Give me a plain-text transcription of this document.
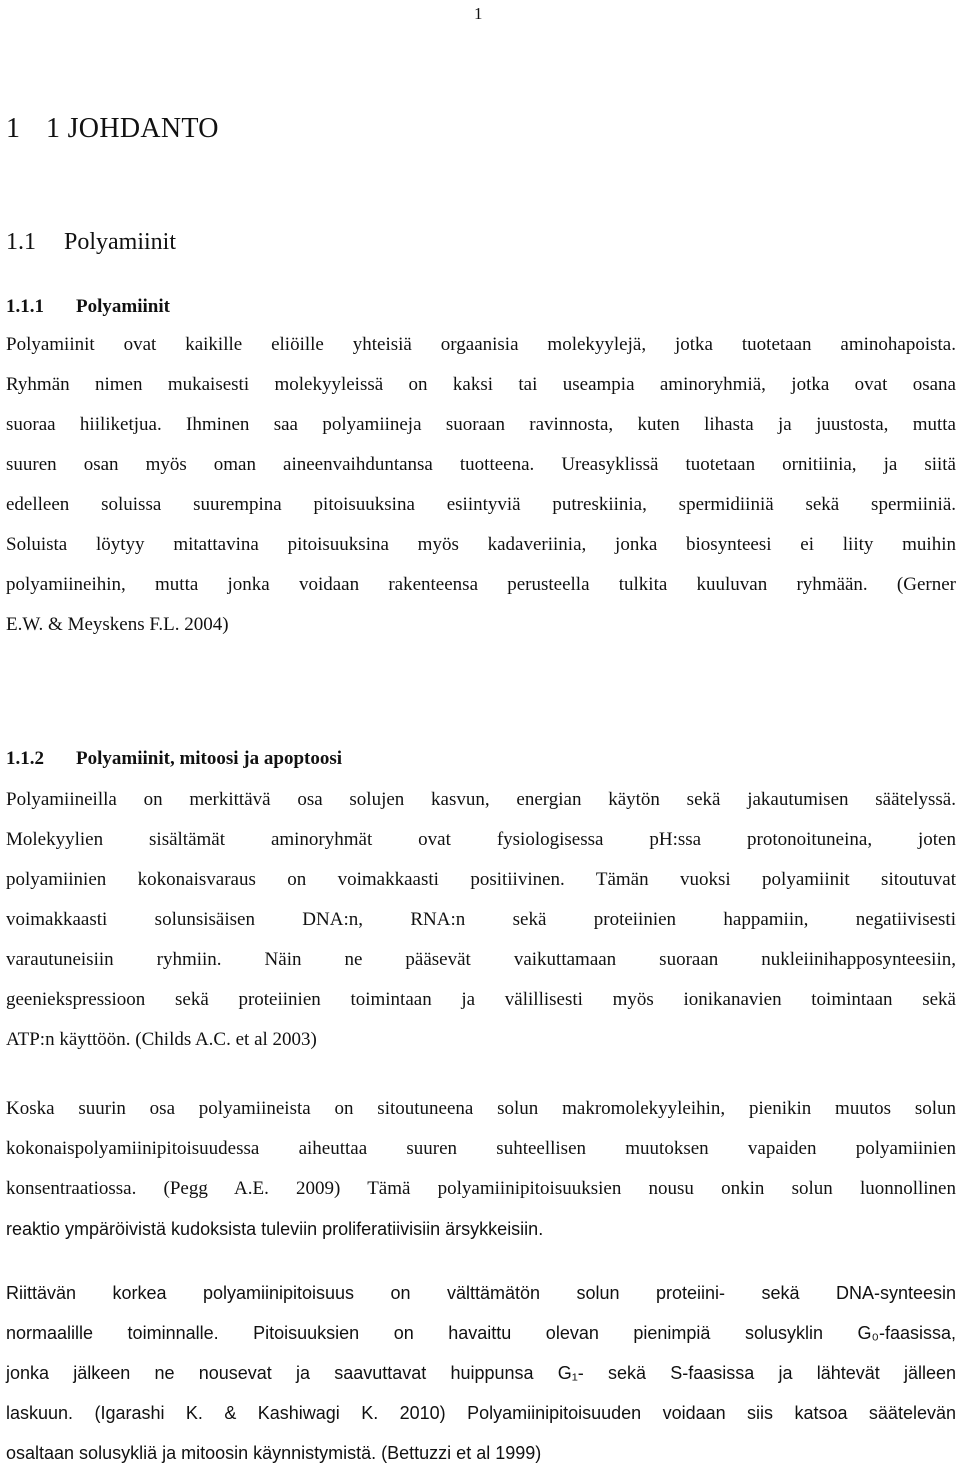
1
1 1 JOHDANTO
1.1 Polyamiinit
1.1.1 Polyamiinit
Polyamiinit ovat kaikille eliöille yhteisiä orgaanisia molekyylejä, jotka tuotetaan aminohapoista.
Ryhmän nimen mukaisesti molekyyleissä on kaksi tai useampia aminoryhmiä, jotka ovat osana
suoraa hiiliketjua. Ihminen saa polyamiineja suoraan ravinnosta, kuten lihasta ja juustosta, mutta
suuren osan myös oman aineenvaihduntansa tuotteena. Ureasyklissä tuotetaan ornitiinia, ja siitä
edelleen soluissa suurempina pitoisuuksina esiintyviä putreskiinia, spermidiiniä sekä spermiiniä.
Soluista löytyy mitattavina pitoisuuksina myös kadaveriinia, jonka biosynteesi ei liity muihin
polyamiineihin, mutta jonka voidaan rakenteensa perusteella tulkita kuuluvan ryhmään. (Gerner
E.W. & Meyskens F.L. 2004)
1.1.2 Polyamiinit, mitoosi ja apoptoosi
Polyamiineilla on merkittävä osa solujen kasvun, energian käytön sekä jakautumisen säätelyssä.
Molekyylien sisältämät aminoryhmät ovat fysiologisessa pH:ssa protonoituneina, joten
polyamiinien kokonaisvaraus on voimakkaasti positiivinen. Tämän vuoksi polyamiinit sitoutuvat
voimakkaasti solunsisäisen DNA:n, RNA:n sekä proteiinien happamiin, negatiivisesti
varautuneisiin ryhmiin. Näin ne pääsevät vaikuttamaan suoraan nukleiinihapposynteesiin,
geeniekspressioon sekä proteiinien toimintaan ja välillisesti myös ionikanavien toimintaan sekä
ATP:n käyttöön. (Childs A.C. et al 2003)
Koska suurin osa polyamiineista on sitoutuneena solun makromolekyyleihin, pienikin muutos solun
kokonaispolyamiinipitoisuudessa aiheuttaa suuren suhteellisen muutoksen vapaiden polyamiinien
konsentraatiossa. (Pegg A.E. 2009) Tämä polyamiinipitoisuuksien nousu onkin solun luonnollinen
reaktio ympäröivistä kudoksista tuleviin proliferatiivisiin ärsykkeisiin.
Riittävän korkea polyamiinipitoisuus on välttämätön solun proteiini- sekä DNA-synteesin
normaalille toiminnalle. Pitoisuuksien on havaittu olevan pienimpiä solusyklin G₀-faasissa,
jonka jälkeen ne nousevat ja saavuttavat huippunsa G₁- sekä S-faasissa ja lähtevät jälleen
laskuun. (Igarashi K. & Kashiwagi K. 2010) Polyamiinipitoisuuden voidaan siis katsoa säätelevän
osaltaan solusykliä ja mitoosin käynnistymistä. (Bettuzzi et al 1999)
